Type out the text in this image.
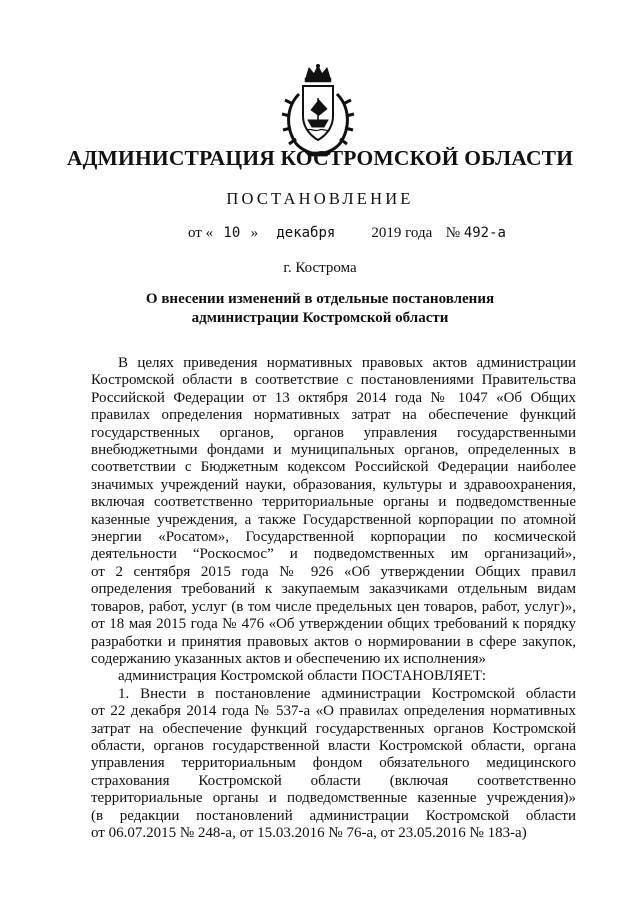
АДМИНИСТРАЦИЯ КОСТРОМСКОЙ ОБЛАСТИ
ПОСТАНОВЛЕНИЕ
от « 10 » декабря 2019 года № 492-а
г. Кострома
О внесении изменений в отдельные постановления
администрации Костромской области

В целях приведения нормативных правовых актов администрации

Костромской области в соответствие с постановлениями Правительства

Российской Федерации от 13 октября 2014 года № 1047 «Об Общих

правилах определения нормативных затрат на обеспечение функций

государственных органов, органов управления государственными

внебюджетными фондами и муниципальных органов, определенных в

соответствии с Бюджетным кодексом Российской Федерации наиболее

значимых учреждений науки, образования, культуры и здравоохранения,

включая соответственно территориальные органы и подведомственные

казенные учреждения, а также Государственной корпорации по атомной

энергии «Росатом», Государственной корпорации по космической

деятельности “Роскосмос” и подведомственных им организаций»,

от 2 сентября 2015 года № 926 «Об утверждении Общих правил

определения требований к закупаемым заказчиками отдельным видам

товаров, работ, услуг (в том числе предельных цен товаров, работ, услуг)»,

от 18 мая 2015 года № 476 «Об утверждении общих требований к порядку

разработки и принятия правовых актов о нормировании в сфере закупок,

содержанию указанных актов и обеспечению их исполнения»

администрация Костромской области ПОСТАНОВЛЯЕТ:

1. Внести в постановление администрации Костромской области

от 22 декабря 2014 года № 537-а «О правилах определения нормативных

затрат на обеспечение функций государственных органов Костромской

области, органов государственной власти Костромской области, органа

управления территориальным фондом обязательного медицинского

страхования Костромской области (включая соответственно

территориальные органы и подведомственные казенные учреждения)»

(в редакции постановлений администрации Костромской области

от 06.07.2015 № 248-а, от 15.03.2016 № 76-а, от 23.05.2016 № 183-а)
